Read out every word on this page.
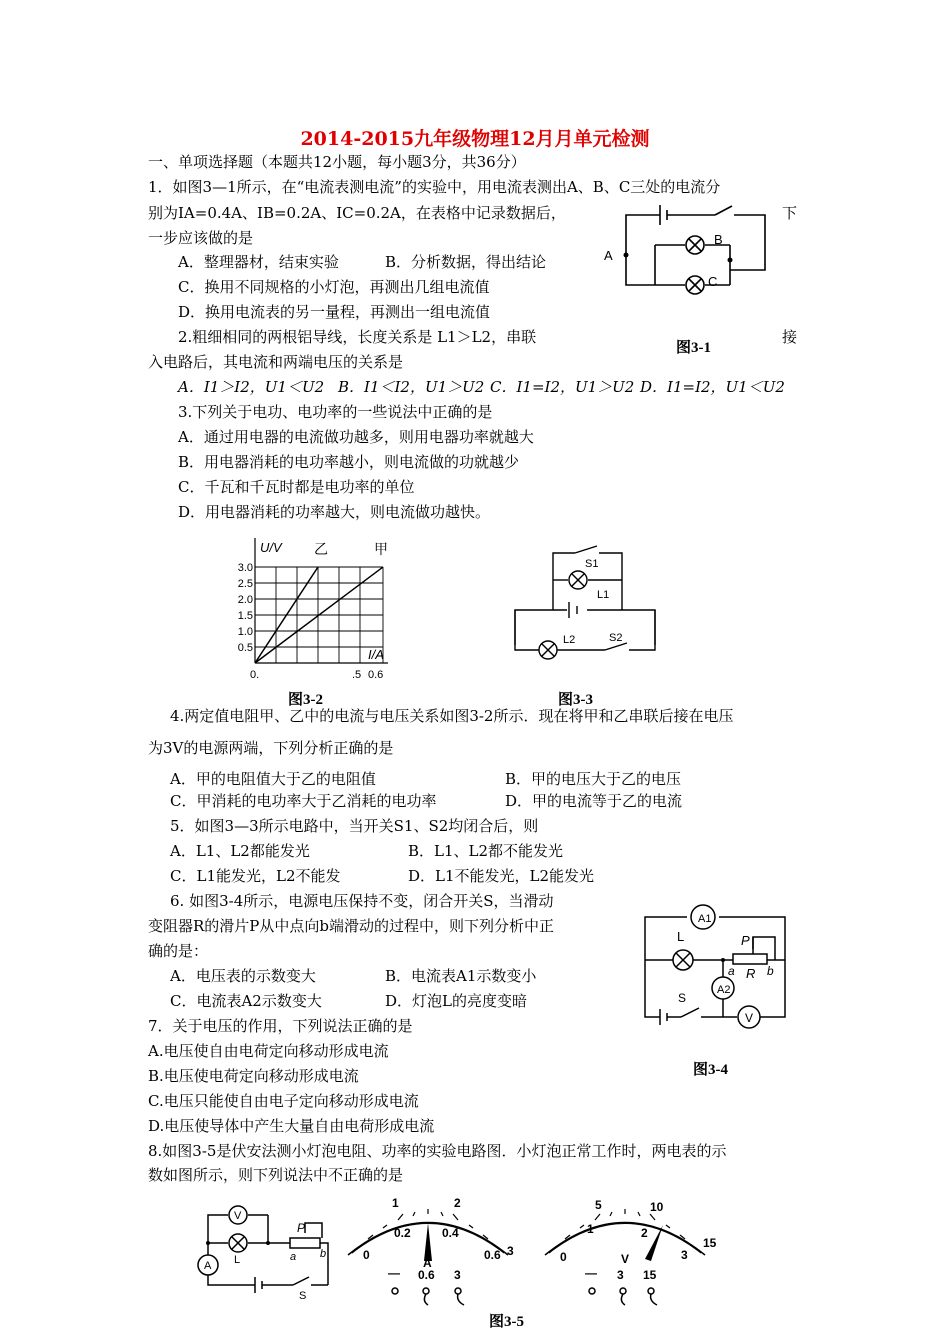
2014-2015九年级物理12月月单元检测
一、单项选择题（本题共12小题，每小题3分，共36分）
1．如图3—1所示，在“电流表测电流”的实验中，用电流表测出A、B、C三处的电流分
别为IA=0.4A、IB=0.2A、IC=0.2A，在表格中记录数据后，	下
一步应该做的是
A．整理器材，结束实验	B．分析数据，得出结论
C．换用不同规格的小灯泡，再测出几组电流值
D．换用电流表的另一量程，再测出一组电流值
A
B
C
图3-1
2.粗细相同的两根铝导线，长度关系是 L1＞L2，串联	接
入电路后，其电流和两端电压的关系是
A．I1＞I2，U1＜U2 B．I1＜I2，U1＞U2 C．I1=I2，U1＞U2 D．I1=I2，U1＜U2
3.下列关于电功、电功率的一些说法中正确的是
A．通过用电器的电流做功越多，则用电器功率就越大
B．用电器消耗的电功率越小，则电流做的功就越少
C．千瓦和千瓦时都是电功率的单位
D．用电器消耗的功率越大，则电流做功越快。
U/V 乙	甲
3.0
2.5
2.0
1.5
1.0
0.5	I/A
0.	.5 0.6
图3-2
S1
L1
L2	S2
图3-3
4.两定值电阻甲、乙中的电流与电压关系如图3-2所示．现在将甲和乙串联后接在电压
为3V的电源两端，下列分析正确的是
A．甲的电阻值大于乙的电阻值	B．甲的电压大于乙的电压
C．甲消耗的电功率大于乙消耗的电功率	D．甲的电流等于乙的电流
5．如图3—3所示电路中，当开关S1、S2均闭合后，则
A．L1、L2都能发光	B．L1、L2都不能发光
C．L1能发光，L2不能发	D．L1不能发光，L2能发光
6. 如图3-4所示，电源电压保持不变，闭合开关S，当滑动
变阻器R的滑片P从中点向b端滑动的过程中，则下列分析中正
确的是：
A．电压表的示数变大	B．电流表A1示数变小
C．电流表A2示数变大	D．灯泡L的亮度变暗
A1
L	P
a R b
A2
S
V
图3-4
7．关于电压的作用，下列说法正确的是
A.电压使自由电荷定向移动形成电流
B.电压使电荷定向移动形成电流
C.电压只能使自由电子定向移动形成电流
D.电压使导体中产生大量自由电荷形成电流
8.如图3-5是伏安法测小灯泡电阻、功率的实验电路图．小灯泡正常工作时，两电表的示
数如图所示，则下列说法中不正确的是
V
A L
P
a b
S
1	2
3
0.2	0.4
0.6
0
A
— 0.6 3
5	10
15
1	2
3
0	V
— 3 15
图3-5
